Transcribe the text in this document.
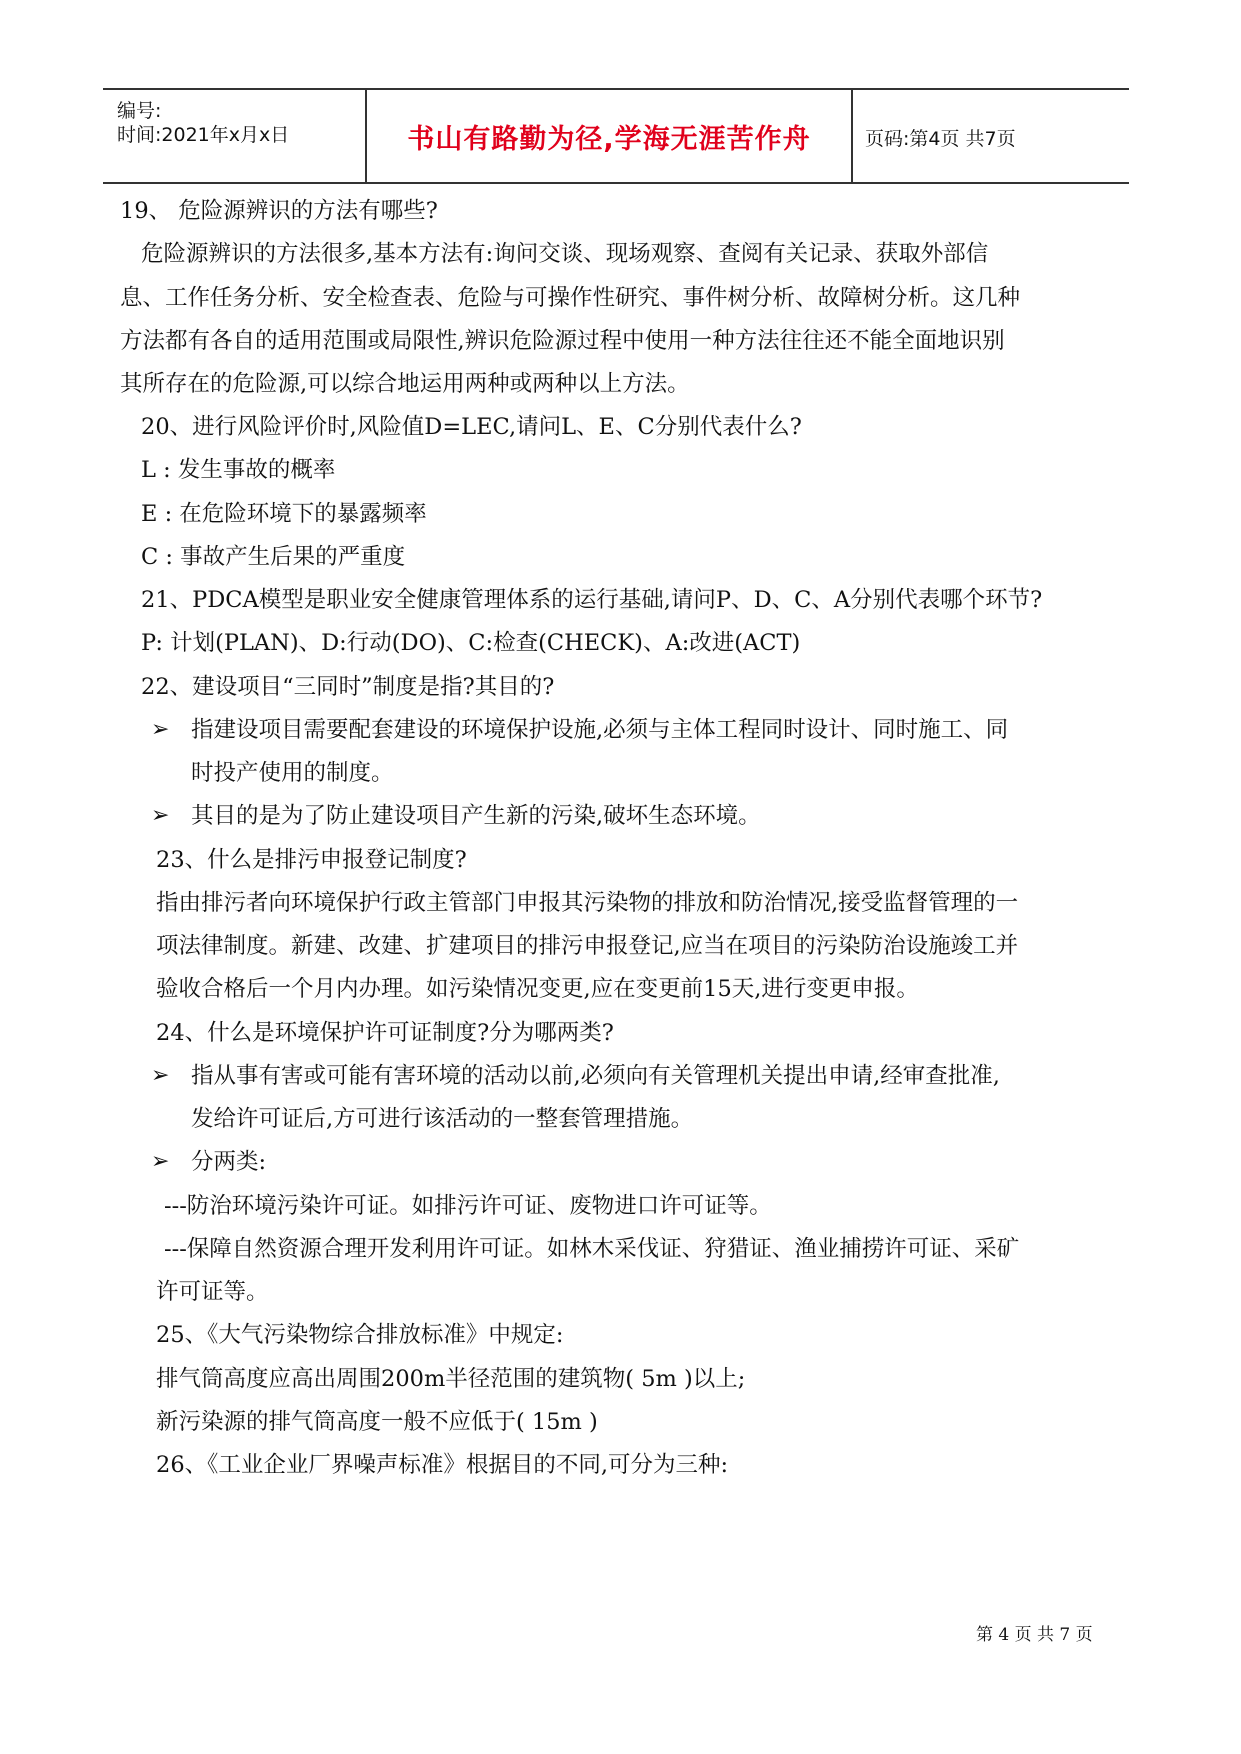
编号:
时间:2021年x月x日	书山有路勤为径,学海无涯苦作舟	页码:第4页 共7页
19、 危险源辨识的方法有哪些?
危险源辨识的方法很多,基本方法有:询问交谈、现场观察、查阅有关记录、获取外部信
息、工作任务分析、安全检查表、危险与可操作性研究、事件树分析、故障树分析。这几种
方法都有各自的适用范围或局限性,辨识危险源过程中使用一种方法往往还不能全面地识别
其所存在的危险源,可以综合地运用两种或两种以上方法。
20、进行风险评价时,风险值D=LEC,请问L、E、C分别代表什么?
L : 发生事故的概率
E : 在危险环境下的暴露频率
C : 事故产生后果的严重度
21、PDCA模型是职业安全健康管理体系的运行基础,请问P、D、C、A分别代表哪个环节?
P: 计划(PLAN)、D:行动(DO)、C:检查(CHECK)、A:改进(ACT)
22、建设项目“三同时”制度是指?其目的?
➢ 指建设项目需要配套建设的环境保护设施,必须与主体工程同时设计、同时施工、同
时投产使用的制度。
➢ 其目的是为了防止建设项目产生新的污染,破坏生态环境。
23、什么是排污申报登记制度?
指由排污者向环境保护行政主管部门申报其污染物的排放和防治情况,接受监督管理的一
项法律制度。新建、改建、扩建项目的排污申报登记,应当在项目的污染防治设施竣工并
验收合格后一个月内办理。如污染情况变更,应在变更前15天,进行变更申报。
24、什么是环境保护许可证制度?分为哪两类?
➢ 指从事有害或可能有害环境的活动以前,必须向有关管理机关提出申请,经审查批准,
发给许可证后,方可进行该活动的一整套管理措施。
➢ 分两类:
---防治环境污染许可证。如排污许可证、废物进口许可证等。
---保障自然资源合理开发利用许可证。如林木采伐证、狩猎证、渔业捕捞许可证、采矿
许可证等。
25、《大气污染物综合排放标准》中规定:
排气筒高度应高出周围200m半径范围的建筑物( 5m )以上;
新污染源的排气筒高度一般不应低于( 15m )
26、《工业企业厂界噪声标准》根据目的不同,可分为三种:
第 4 页 共 7 页
